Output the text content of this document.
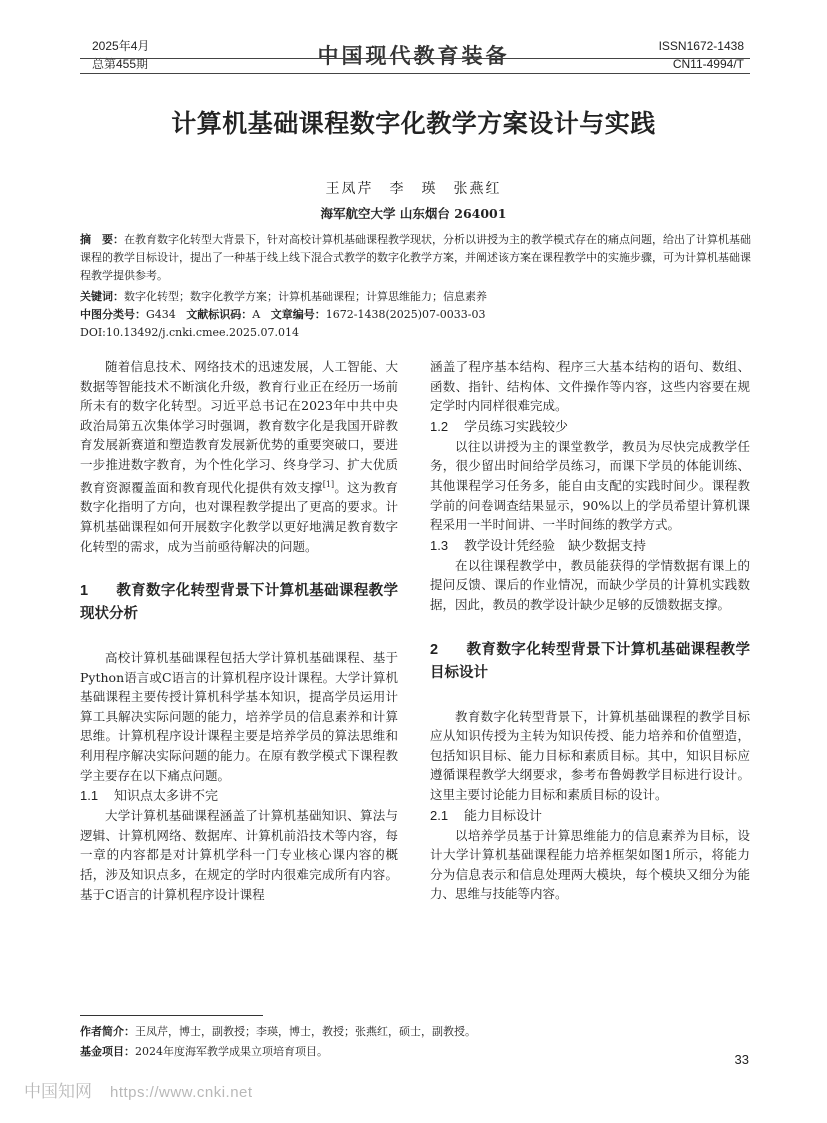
2025年4月
总第455期	中国现代教育装备	ISSN1672-1438
CN11-4994/T
计算机基础课程数字化教学方案设计与实践
王凤芹　李　瑛　张燕红
海军航空大学 山东烟台 264001
摘　要：在教育数字化转型大背景下，针对高校计算机基础课程教学现状，分析以讲授为主的教学模式存在的痛点问题，给出了计算机基础课程的教学目标设计，提出了一种基于线上线下混合式教学的数字化教学方案，并阐述该方案在课程教学中的实施步骤，可为计算机基础课程教学提供参考。
关键词：数字化转型；数字化教学方案；计算机基础课程；计算思维能力；信息素养
中图分类号：G434 文献标识码：A 文章编号：1672-1438(2025)07-0033-03
DOI:10.13492/j.cnki.cmee.2025.07.014

随着信息技术、网络技术的迅速发展，人工智能、大数据等智能技术不断演化升级，教育行业正在经历一场前所未有的数字化转型。习近平总书记在2023年中共中央政治局第五次集体学习时强调，教育数字化是我国开辟教育发展新赛道和塑造教育发展新优势的重要突破口，要进一步推进数字教育，为个性化学习、终身学习、扩大优质教育资源覆盖面和教育现代化提供有效支撑[1]。这为教育数字化指明了方向，也对课程教学提出了更高的要求。计算机基础课程如何开展数字化教学以更好地满足教育数字化转型的需求，成为当前亟待解决的问题。

1 教育数字化转型背景下计算机基础课程教学现状分析

高校计算机基础课程包括大学计算机基础课程、基于Python语言或C语言的计算机程序设计课程。大学计算机基础课程主要传授计算机科学基本知识，提高学员运用计算工具解决实际问题的能力，培养学员的信息素养和计算思维。计算机程序设计课程主要是培养学员的算法思维和利用程序解决实际问题的能力。在原有教学模式下课程教学主要存在以下痛点问题。

1.1 知识点太多讲不完

大学计算机基础课程涵盖了计算机基础知识、算法与逻辑、计算机网络、数据库、计算机前沿技术等内容，每一章的内容都是对计算机学科一门专业核心课内容的概括，涉及知识点多，在规定的学时内很难完成所有内容。基于C语言的计算机程序设计课程

涵盖了程序基本结构、程序三大基本结构的语句、数组、函数、指针、结构体、文件操作等内容，这些内容要在规定学时内同样很难完成。

1.2 学员练习实践较少

以往以讲授为主的课堂教学，教员为尽快完成教学任务，很少留出时间给学员练习，而课下学员的体能训练、其他课程学习任务多，能自由支配的实践时间少。课程教学前的问卷调查结果显示，90%以上的学员希望计算机课程采用一半时间讲、一半时间练的教学方式。

1.3 教学设计凭经验　缺少数据支持

在以往课程教学中，教员能获得的学情数据有课上的提问反馈、课后的作业情况，而缺少学员的计算机实践数据，因此，教员的教学设计缺少足够的反馈数据支撑。

2 教育数字化转型背景下计算机基础课程教学目标设计

教育数字化转型背景下，计算机基础课程的教学目标应从知识传授为主转为知识传授、能力培养和价值塑造，包括知识目标、能力目标和素质目标。其中，知识目标应遵循课程教学大纲要求，参考布鲁姆教学目标进行设计。这里主要讨论能力目标和素质目标的设计。

2.1 能力目标设计

以培养学员基于计算思维能力的信息素养为目标，设计大学计算机基础课程能力培养框架如图1所示，将能力分为信息表示和信息处理两大模块，每个模块又细分为能力、思维与技能等内容。

作者简介：王凤芹，博士，副教授；李瑛，博士，教授；张燕红，硕士，副教授。
基金项目：2024年度海军教学成果立项培育项目。
33
中国知网 https://www.cnki.net
